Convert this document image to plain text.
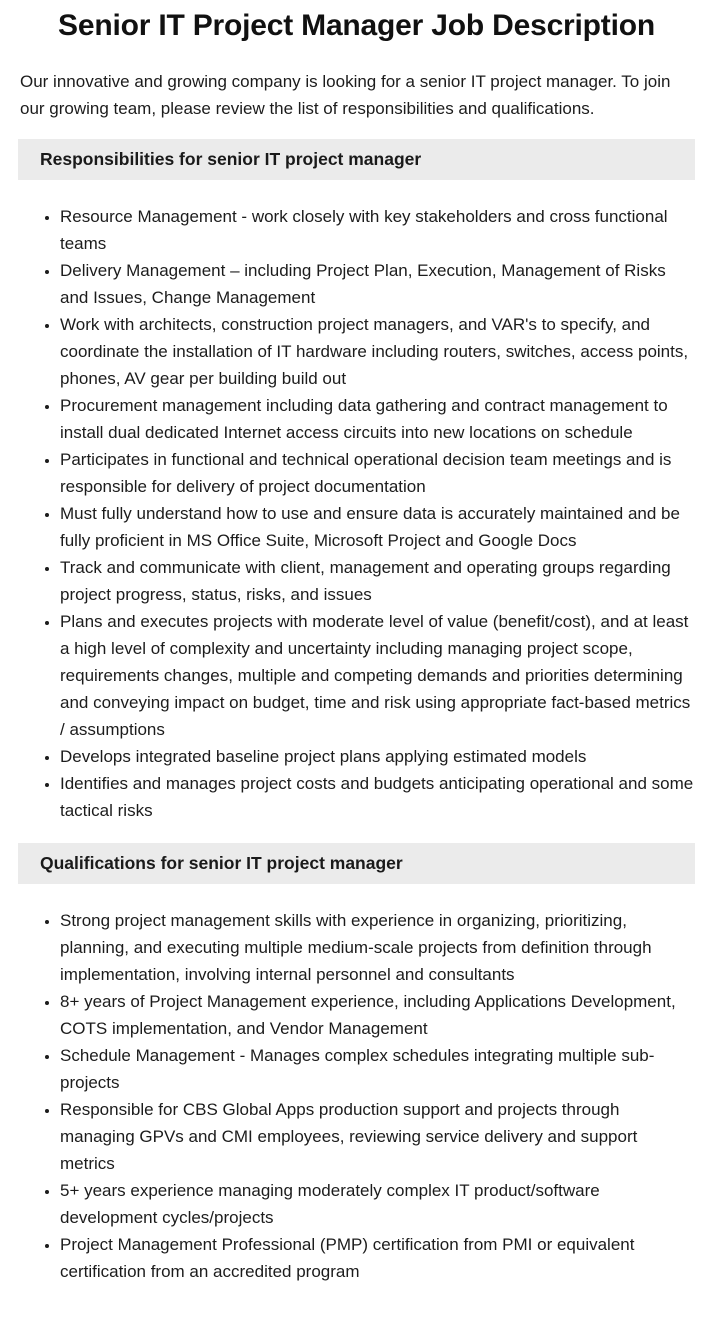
Senior IT Project Manager Job Description

Our innovative and growing company is looking for a senior IT project manager. To join our growing team, please review the list of responsibilities and qualifications.

Responsibilities for senior IT project manager
• Resource Management - work closely with key stakeholders and cross functional teams
• Delivery Management – including Project Plan, Execution, Management of Risks and Issues, Change Management
• Work with architects, construction project managers, and VAR's to specify, and coordinate the installation of IT hardware including routers, switches, access points, phones, AV gear per building build out
• Procurement management including data gathering and contract management to install dual dedicated Internet access circuits into new locations on schedule
• Participates in functional and technical operational decision team meetings and is responsible for delivery of project documentation
• Must fully understand how to use and ensure data is accurately maintained and be fully proficient in MS Office Suite, Microsoft Project and Google Docs
• Track and communicate with client, management and operating groups regarding project progress, status, risks, and issues
• Plans and executes projects with moderate level of value (benefit/cost), and at least a high level of complexity and uncertainty including managing project scope, requirements changes, multiple and competing demands and priorities determining and conveying impact on budget, time and risk using appropriate fact-based metrics / assumptions
• Develops integrated baseline project plans applying estimated models
• Identifies and manages project costs and budgets anticipating operational and some tactical risks
Qualifications for senior IT project manager
• Strong project management skills with experience in organizing, prioritizing, planning, and executing multiple medium-scale projects from definition through implementation, involving internal personnel and consultants
• 8+ years of Project Management experience, including Applications Development, COTS implementation, and Vendor Management
• Schedule Management - Manages complex schedules integrating multiple sub-projects
• Responsible for CBS Global Apps production support and projects through managing GPVs and CMI employees, reviewing service delivery and support metrics
• 5+ years experience managing moderately complex IT product/software development cycles/projects
• Project Management Professional (PMP) certification from PMI or equivalent certification from an accredited program
